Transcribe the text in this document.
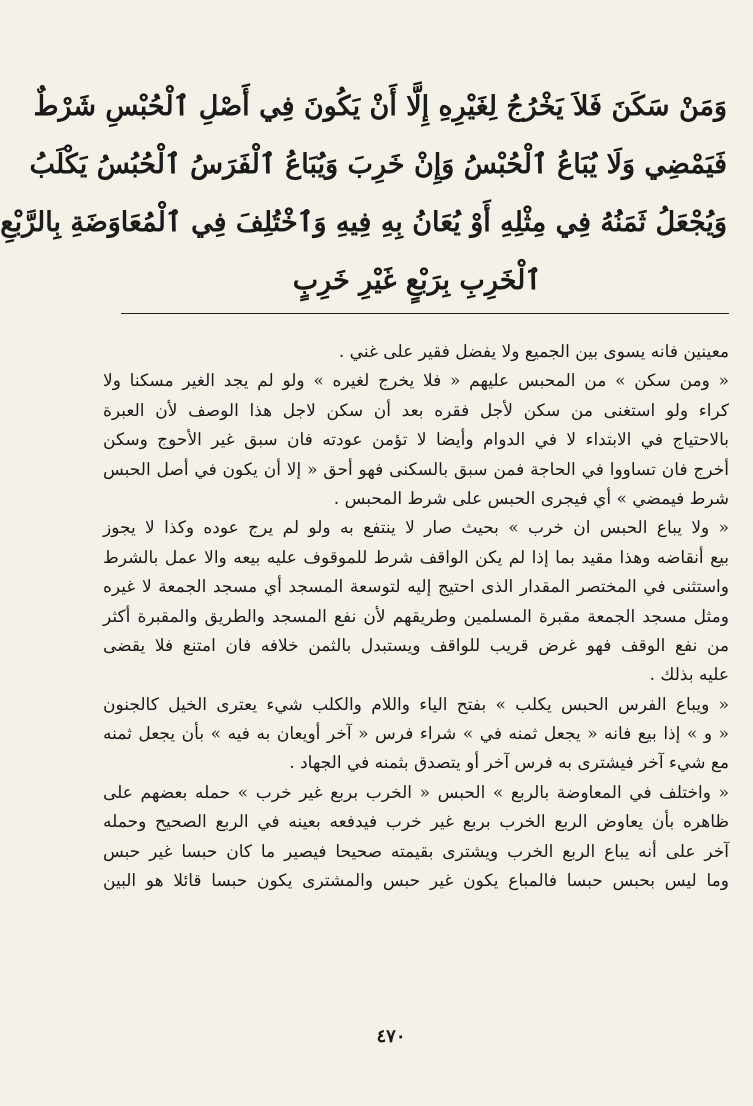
وَمَنْ سَكَنَ فَلاَ يَخْرُجُ لِغَيْرِهِ إِلَّا أَنْ يَكُونَ فِي أَصْلِ ٱلْحُبْسِ شَرْطٌ
فَيَمْضِي وَلَا يُبَاعُ ٱلْحُبْسُ وَإِنْ خَرِبَ وَيُبَاعُ ٱلْفَرَسُ ٱلْحُبُسُ يَكْلَبُ
وَيُجْعَلُ ثَمَنُهُ فِي مِثْلِهِ أَوْ يُعَانُ بِهِ فِيهِ وَٱخْتُلِفَ فِي ٱلْمُعَاوَضَةِ بِالرَّبْعِ
ٱلْخَرِبِ بِرَبْعٍ غَيْرِ خَرِبٍ
معينين فانه يسوى بين الجميع ولا يفضل فقير على غني .
« ومن سكن » من المحبس عليهم « فلا يخرج لغيره » ولو لم يجد الغير مسكنا ولا
كراء ولو استغنى من سكن لأجل فقره بعد أن سكن لاجل هذا الوصف لأن العبرة
بالاحتياج في الابتداء لا في الدوام وأيضا لا تؤمن عودته فان سبق غير الأحوج وسكن
أخرج فان تساووا في الحاجة فمن سبق بالسكنى فهو أحق « إلا أن يكون في أصل الحبس
شرط فيمضي » أي فيجرى الحبس على شرط المحبس .
« ولا يباع الحبس ان خرب » بحيث صار لا ينتفع به ولو لم يرج عوده وكذا لا يجوز
بيع أنقاضه وهذا مقيد بما إذا لم يكن الواقف شرط للموقوف عليه بيعه والا عمل بالشرط
واستثنى في المختصر المقدار الذى احتيج إليه لتوسعة المسجد أي مسجد الجمعة لا غيره
ومثل مسجد الجمعة مقبرة المسلمين وطريقهم لأن نفع المسجد والطريق والمقبرة أكثر
من نفع الوقف فهو غرض قريب للواقف ويستبدل بالثمن خلافه فان امتنع فلا يقضى
عليه بذلك .
« ويباع الفرس الحبس يكلب » بفتح الياء واللام والكلب شيء يعترى الخيل كالجنون
« و » إذا بيع فانه « يجعل ثمنه في » شراء فرس « آخر أويعان به فيه » بأن يجعل ثمنه
مع شيء آخر فيشترى به فرس آخر أو يتصدق بثمنه في الجهاد .
« واختلف في المعاوضة بالربع » الحبس « الخرب بربع غير خرب » حمله بعضهم على
ظاهره بأن يعاوض الربع الخرب بربع غير خرب فيدفعه بعينه في الربع الصحيح وحمله
آخر على أنه يباع الربع الخرب ويشترى بقيمته صحيحا فيصير ما كان حبسا غير حبس
وما ليس بحبس حبسا فالمباع يكون غير حبس والمشترى يكون حبسا قائلا هو البين
٤٧٠
